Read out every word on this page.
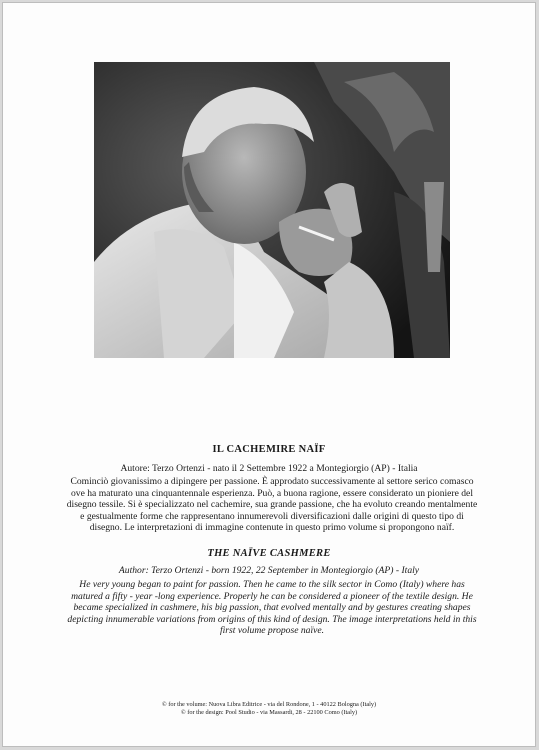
IL CACHEMIRE NAÏF

Autore: Terzo Ortenzi - nato il 2 Settembre 1922 a Montegiorgio (AP) - Italia

Cominciò giovanissimo a dipingere per passione. È approdato successivamente al settore serico comasco ove ha maturato una cinquantennale esperienza. Può, a buona ragione, essere considerato un pioniere del disegno tessile. Si è specializzato nel cachemire, sua grande passione, che ha evoluto creando mentalmente e gestualmente forme che rappresentano innumerevoli diversificazioni dalle origini di questo tipo di disegno. Le interpretazioni di immagine contenute in questo primo volume si propongono naïf.

THE NAÏVE CASHMERE

Author: Terzo Ortenzi - born 1922, 22 September in Montegiorgio (AP) - Italy

He very young began to paint for passion. Then he came to the silk sector in Como (Italy) where has matured a fifty - year -long experience. Properly he can be considered a pioneer of the textile design. He became specialized in cashmere, his big passion, that evolved mentally and by gestures creating shapes depicting innumerable variations from origins of this kind of design. The image interpretations held in this first volume propose naïve.

© for the volume: Nuova Libra Editrice - via del Rondone, 1 - 40122 Bologna (Italy)

© for the design: Pool Studio - via Massardi, 28 - 22100 Como (Italy)
